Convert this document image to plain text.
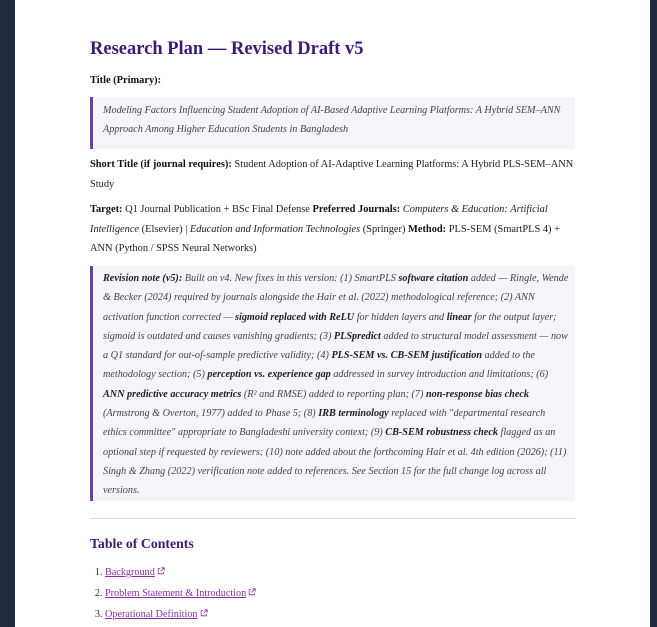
Research Plan — Revised Draft v5

Title (Primary):

Modeling Factors Influencing Student Adoption of AI-Based Adaptive Learning Platforms: A Hybrid SEM–ANN Approach Among Higher Education Students in Bangladesh

Short Title (if journal requires): Student Adoption of AI-Adaptive Learning Platforms: A Hybrid PLS-SEM–ANN Study

Target: Q1 Journal Publication + BSc Final Defense Preferred Journals: Computers & Education: Artificial Intelligence (Elsevier) | Education and Information Technologies (Springer) Method: PLS-SEM (SmartPLS 4) + ANN (Python / SPSS Neural Networks)

Revision note (v5): Built on v4. New fixes in this version: (1) SmartPLS software citation added — Ringle, Wende & Becker (2024) required by journals alongside the Hair et al. (2022) methodological reference; (2) ANN activation function corrected — sigmoid replaced with ReLU for hidden layers and linear for the output layer; sigmoid is outdated and causes vanishing gradients; (3) PLSpredict added to structural model assessment — now a Q1 standard for out-of-sample predictive validity; (4) PLS-SEM vs. CB-SEM justification added to the methodology section; (5) perception vs. experience gap addressed in survey introduction and limitations; (6) ANN predictive accuracy metrics (R² and RMSE) added to reporting plan; (7) non-response bias check (Armstrong & Overton, 1977) added to Phase 5; (8) IRB terminology replaced with "departmental research ethics committee" appropriate to Bangladeshi university context; (9) CB-SEM robustness check flagged as an optional step if requested by reviewers; (10) note added about the forthcoming Hair et al. 4th edition (2026); (11) Singh & Zhang (2022) verification note added to references. See Section 15 for the full change log across all versions.
Table of Contents
1. Background
2. Problem Statement & Introduction
3. Operational Definition
